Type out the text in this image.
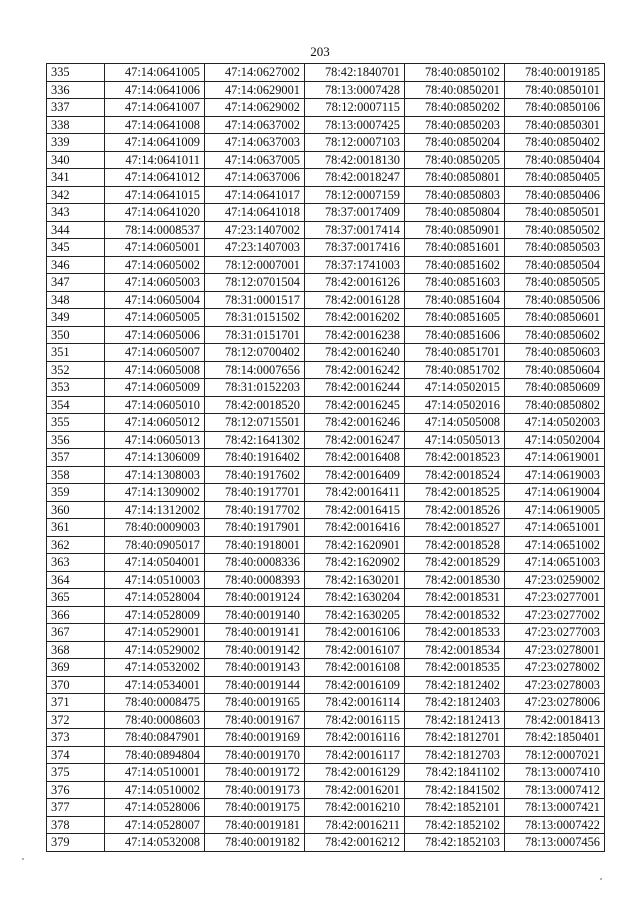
203
335	47:14:0641005	47:14:0627002	78:42:1840701	78:40:0850102	78:40:0019185
336	47:14:0641006	47:14:0629001	78:13:0007428	78:40:0850201	78:40:0850101
337	47:14:0641007	47:14:0629002	78:12:0007115	78:40:0850202	78:40:0850106
338	47:14:0641008	47:14:0637002	78:13:0007425	78:40:0850203	78:40:0850301
339	47:14:0641009	47:14:0637003	78:12:0007103	78:40:0850204	78:40:0850402
340	47:14:0641011	47:14:0637005	78:42:0018130	78:40:0850205	78:40:0850404
341	47:14:0641012	47:14:0637006	78:42:0018247	78:40:0850801	78:40:0850405
342	47:14:0641015	47:14:0641017	78:12:0007159	78:40:0850803	78:40:0850406
343	47:14:0641020	47:14:0641018	78:37:0017409	78:40:0850804	78:40:0850501
344	78:14:0008537	47:23:1407002	78:37:0017414	78:40:0850901	78:40:0850502
345	47:14:0605001	47:23:1407003	78:37:0017416	78:40:0851601	78:40:0850503
346	47:14:0605002	78:12:0007001	78:37:1741003	78:40:0851602	78:40:0850504
347	47:14:0605003	78:12:0701504	78:42:0016126	78:40:0851603	78:40:0850505
348	47:14:0605004	78:31:0001517	78:42:0016128	78:40:0851604	78:40:0850506
349	47:14:0605005	78:31:0151502	78:42:0016202	78:40:0851605	78:40:0850601
350	47:14:0605006	78:31:0151701	78:42:0016238	78:40:0851606	78:40:0850602
351	47:14:0605007	78:12:0700402	78:42:0016240	78:40:0851701	78:40:0850603
352	47:14:0605008	78:14:0007656	78:42:0016242	78:40:0851702	78:40:0850604
353	47:14:0605009	78:31:0152203	78:42:0016244	47:14:0502015	78:40:0850609
354	47:14:0605010	78:42:0018520	78:42:0016245	47:14:0502016	78:40:0850802
355	47:14:0605012	78:12:0715501	78:42:0016246	47:14:0505008	47:14:0502003
356	47:14:0605013	78:42:1641302	78:42:0016247	47:14:0505013	47:14:0502004
357	47:14:1306009	78:40:1916402	78:42:0016408	78:42:0018523	47:14:0619001
358	47:14:1308003	78:40:1917602	78:42:0016409	78:42:0018524	47:14:0619003
359	47:14:1309002	78:40:1917701	78:42:0016411	78:42:0018525	47:14:0619004
360	47:14:1312002	78:40:1917702	78:42:0016415	78:42:0018526	47:14:0619005
361	78:40:0009003	78:40:1917901	78:42:0016416	78:42:0018527	47:14:0651001
362	78:40:0905017	78:40:1918001	78:42:1620901	78:42:0018528	47:14:0651002
363	47:14:0504001	78:40:0008336	78:42:1620902	78:42:0018529	47:14:0651003
364	47:14:0510003	78:40:0008393	78:42:1630201	78:42:0018530	47:23:0259002
365	47:14:0528004	78:40:0019124	78:42:1630204	78:42:0018531	47:23:0277001
366	47:14:0528009	78:40:0019140	78:42:1630205	78:42:0018532	47:23:0277002
367	47:14:0529001	78:40:0019141	78:42:0016106	78:42:0018533	47:23:0277003
368	47:14:0529002	78:40:0019142	78:42:0016107	78:42:0018534	47:23:0278001
369	47:14:0532002	78:40:0019143	78:42:0016108	78:42:0018535	47:23:0278002
370	47:14:0534001	78:40:0019144	78:42:0016109	78:42:1812402	47:23:0278003
371	78:40:0008475	78:40:0019165	78:42:0016114	78:42:1812403	47:23:0278006
372	78:40:0008603	78:40:0019167	78:42:0016115	78:42:1812413	78:42:0018413
373	78:40:0847901	78:40:0019169	78:42:0016116	78:42:1812701	78:42:1850401
374	78:40:0894804	78:40:0019170	78:42:0016117	78:42:1812703	78:12:0007021
375	47:14:0510001	78:40:0019172	78:42:0016129	78:42:1841102	78:13:0007410
376	47:14:0510002	78:40:0019173	78:42:0016201	78:42:1841502	78:13:0007412
377	47:14:0528006	78:40:0019175	78:42:0016210	78:42:1852101	78:13:0007421
378	47:14:0528007	78:40:0019181	78:42:0016211	78:42:1852102	78:13:0007422
379	47:14:0532008	78:40:0019182	78:42:0016212	78:42:1852103	78:13:0007456
